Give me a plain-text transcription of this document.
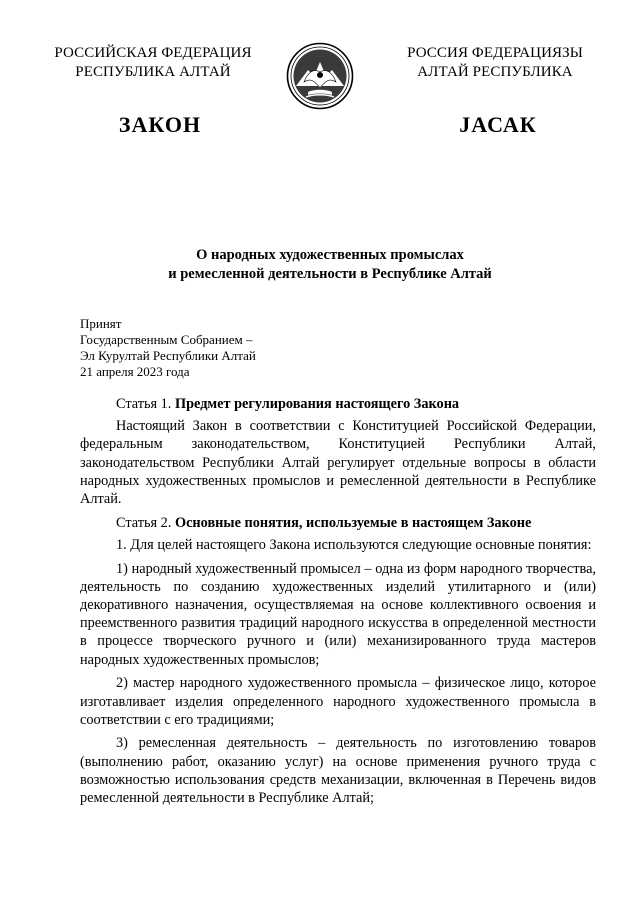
РОССИЙСКАЯ ФЕДЕРАЦИЯ
РЕСПУБЛИКА АЛТАЙ
РОССИЯ ФЕДЕРАЦИЯЗЫ
АЛТАЙ РЕСПУБЛИКА
ЗАКОН	JАСАК
О народных художественных промыслах
и ремесленной деятельности в Республике Алтай
Принят
Государственным Собранием –
Эл Курултай Республики Алтай
21 апреля 2023 года

Статья 1. Предмет регулирования настоящего Закона

Настоящий Закон в соответствии с Конституцией Российской Федерации, федеральным законодательством, Конституцией Республики Алтай, законодательством Республики Алтай регулирует отдельные вопросы в области народных художественных промыслов и ремесленной деятельности в Республике Алтай.

Статья 2. Основные понятия, используемые в настоящем Законе

1. Для целей настоящего Закона используются следующие основные понятия:

1) народный художественный промысел – одна из форм народного творчества, деятельность по созданию художественных изделий утилитарного и (или) декоративного назначения, осуществляемая на основе коллективного освоения и преемственного развития традиций народного искусства в определенной местности в процессе творческого ручного и (или) механизированного труда мастеров народных художественных промыслов;

2) мастер народного художественного промысла – физическое лицо, которое изготавливает изделия определенного народного художественного промысла в соответствии с его традициями;

3) ремесленная деятельность – деятельность по изготовлению товаров (выполнению работ, оказанию услуг) на основе применения ручного труда с возможностью использования средств механизации, включенная в Перечень видов ремесленной деятельности в Республике Алтай;
